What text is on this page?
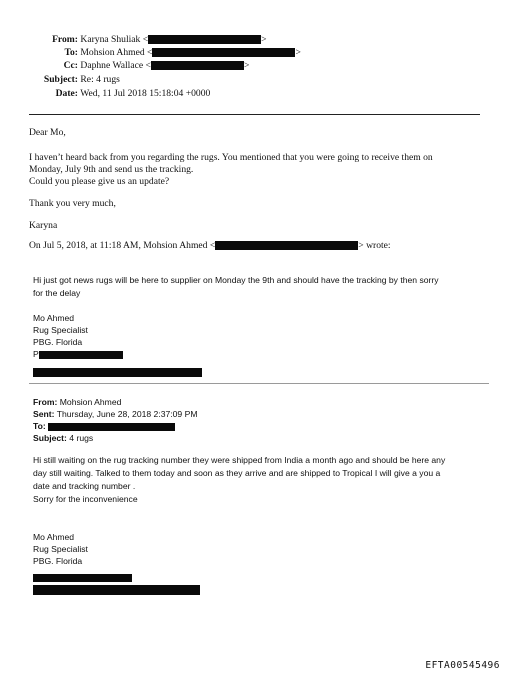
From: Karyna Shuliak <	>
To: Mohsion Ahmed <	>
Cc: Daphne Wallace <	>
Subject: Re: 4 rugs
Date: Wed, 11 Jul 2018 15:18:04 +0000
Dear Mo,
I haven’t heard back from you regarding the rugs. You mentioned that you were going to receive them on
Monday, July 9th and send us the tracking.
Could you please give us an update?
Thank you very much,
Karyna
On Jul 5, 2018, at 11:18 AM, Mohsion Ahmed <	> wrote:
Hi just got news rugs will be here to supplier on Monday the 9th and should have the tracking by then sorry
for the delay
Mo Ahmed
Rug Specialist
PBG. Florida
P
From: Mohsion Ahmed
Sent: Thursday, June 28, 2018 2:37:09 PM
To:
Subject: 4 rugs
Hi still waiting on the rug tracking number they were shipped from India a month ago and should be here any
day still waiting. Talked to them today and soon as they arrive and are shipped to Tropical I will give a you a
date and tracking number .
Sorry for the inconvenience
Mo Ahmed
Rug Specialist
PBG. Florida
EFTA00545496
